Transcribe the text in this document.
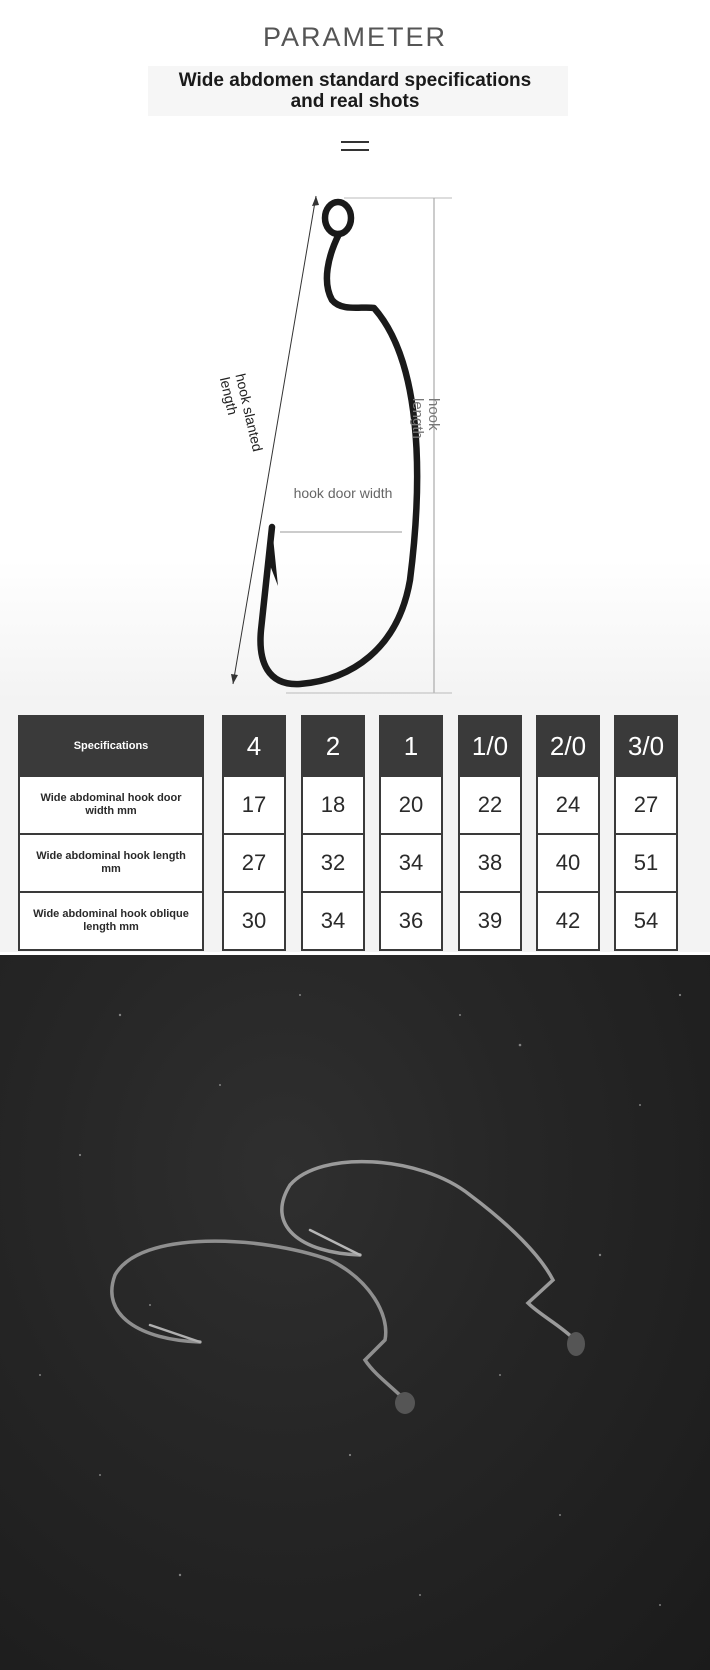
PARAMETER
Wide abdomen standard specifications
and real shots
hook door width
hook length
hook slanted length
Specifications
Wide abdominal hook door width mm
Wide abdominal hook length mm
Wide abdominal hook oblique length mm
4
17
27
30
2
18
32
34
1
20
34
36
1/0
22
38
39
2/0
24
40
42
3/0
27
51
54
